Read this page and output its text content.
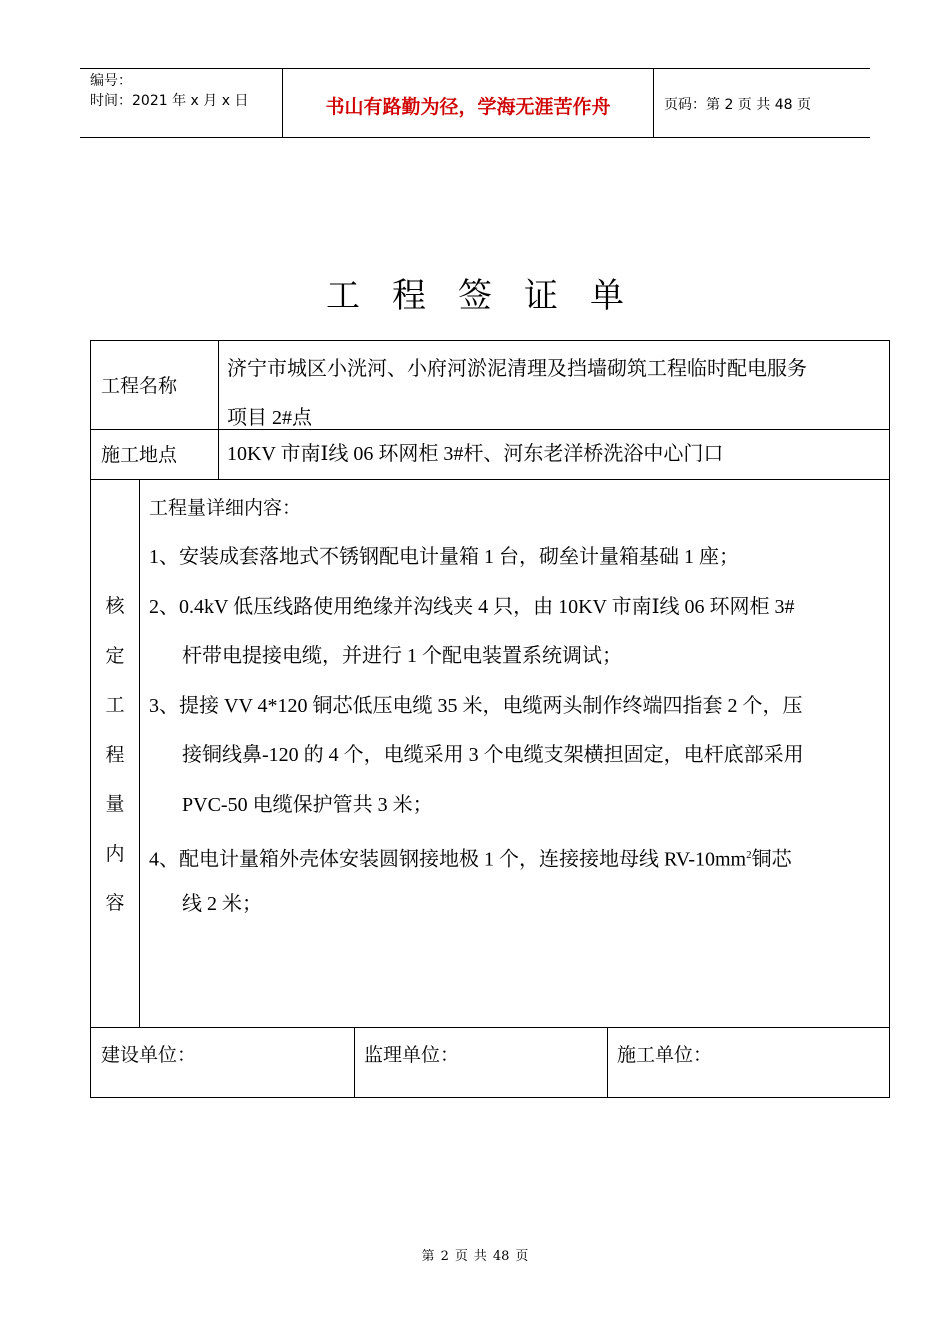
编号：
时间：2021 年 x 月 x 日	书山有路勤为径，学海无涯苦作舟	页码：第 2 页 共 48 页
工 程 签 证 单
工程名称
济宁市城区小洸河、小府河淤泥清理及挡墙砌筑工程临时配电服务
项目 2#点
施工地点 10KV 市南Ⅰ线 06 环网柜 3#杆、河东老洋桥洗浴中心门口
核
定
工
程
量
内
容
工程量详细内容：
1、安装成套落地式不锈钢配电计量箱 1 台，砌垒计量箱基础 1 座；
2、0.4kV 低压线路使用绝缘并沟线夹 4 只，由 10KV 市南Ⅰ线 06 环网柜 3#
杆带电提接电缆，并进行 1 个配电装置系统调试；
3、提接 VV 4*120 铜芯低压电缆 35 米，电缆两头制作终端四指套 2 个，压
接铜线鼻-120 的 4 个，电缆采用 3 个电缆支架横担固定，电杆底部采用
PVC-50 电缆保护管共 3 米；
4、配电计量箱外壳体安装圆钢接地极 1 个，连接接地母线 $RV-10mm^2$铜芯
线 2 米；
建设单位：	监理单位：	施工单位：
第 2 页 共 48 页
